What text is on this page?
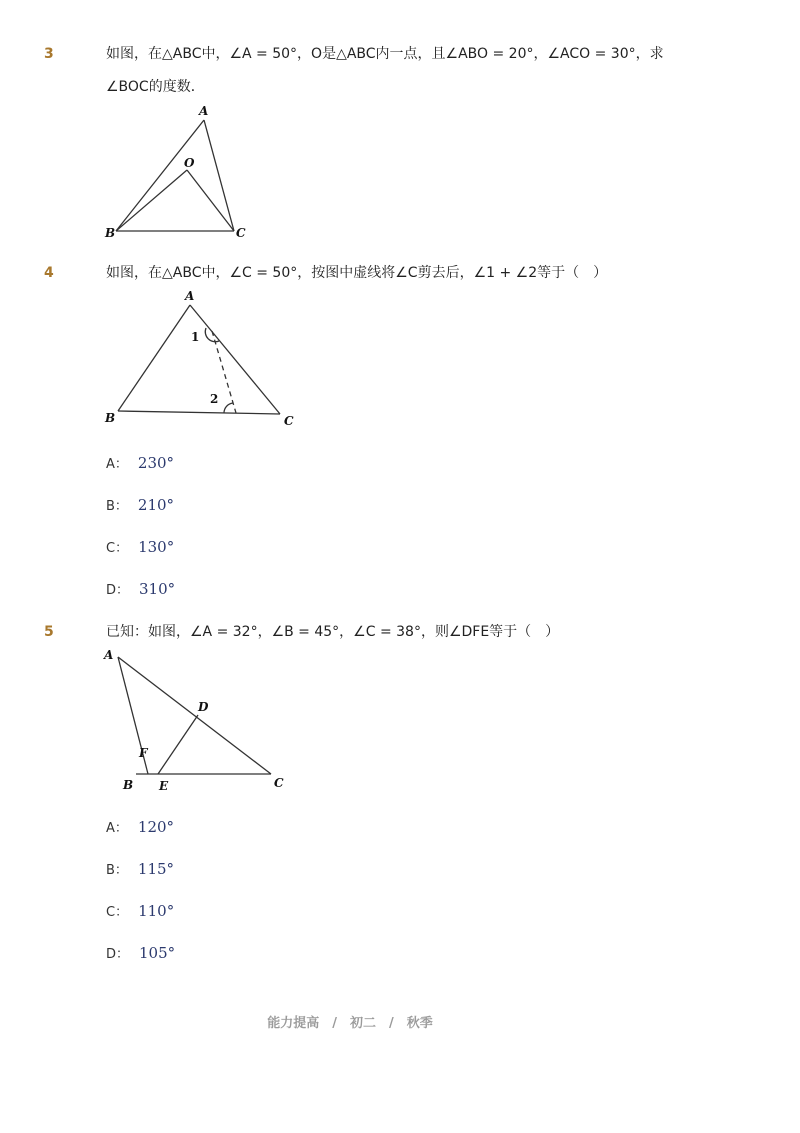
3	如图，在△ABC中，∠A = 50°，O是△ABC内一点，且∠ABO = 20°，∠ACO = 30°，求
∠BOC的度数．
A
O
B	C
4	如图，在△ABC中，∠C = 50°，按图中虚线将∠C剪去后，∠1 + ∠2等于（　）
A
B	C
1
2
A： 230°
B： 210°
C： 130°
D： 310°
5	已知：如图，∠A = 32°，∠B = 45°，∠C = 38°，则∠DFE等于（　）
A
D
F
B E	C
A： 120°
B： 115°
C： 110°
D： 105°
能力提高　/　初二　/　秋季
